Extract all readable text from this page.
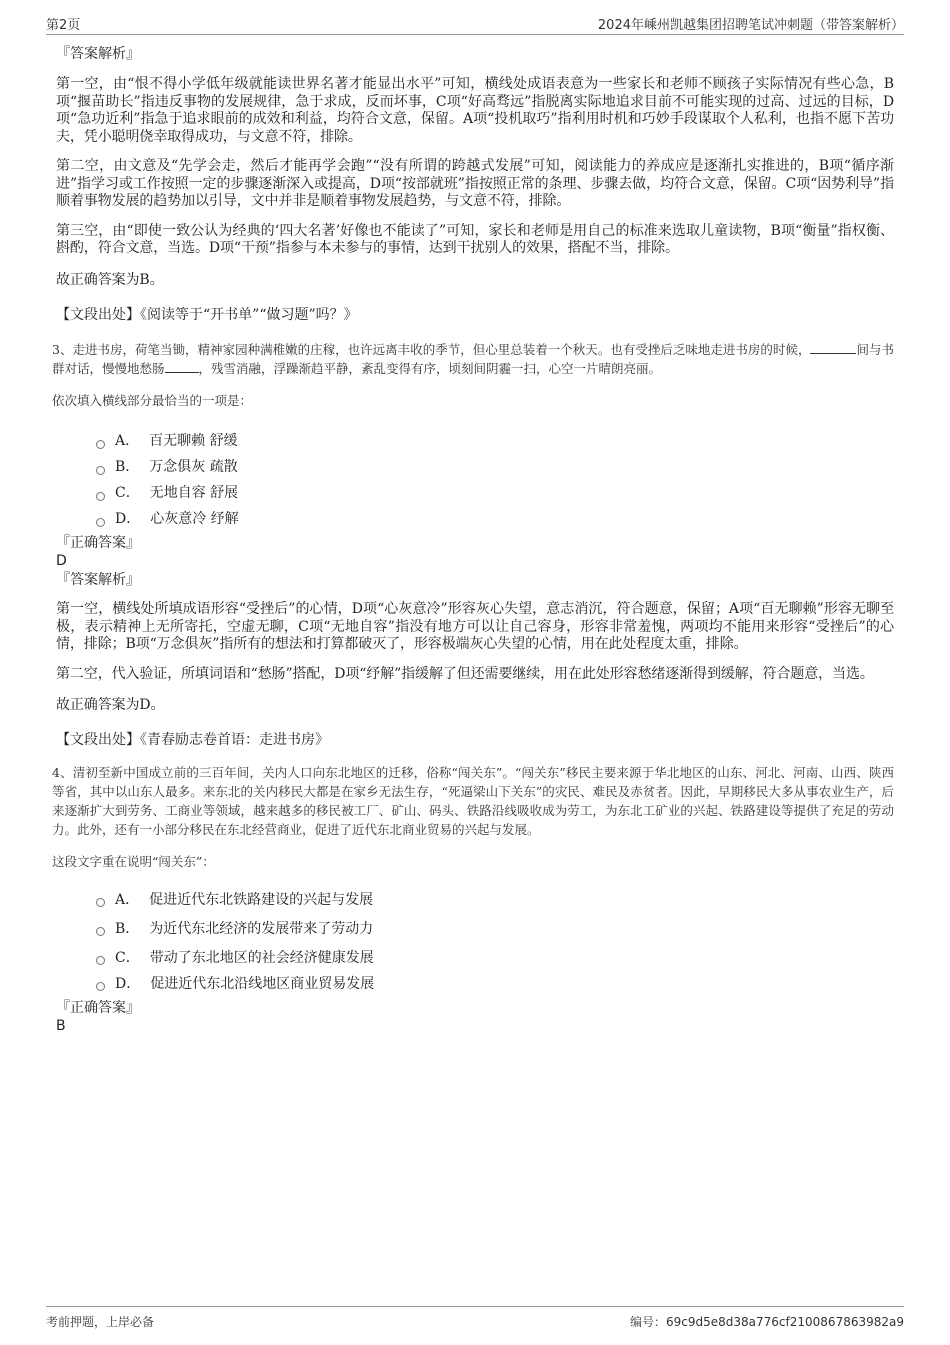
第2页	2024年嵊州凯越集团招聘笔试冲刺题（带答案解析）

『答案解析』

第一空，由“恨不得小学低年级就能读世界名著才能显出水平”可知，横线处成语表意为一些家长和老师不顾孩子实际情况有些心急，B项“揠苗助长”指违反事物的发展规律，急于求成，反而坏事，C项“好高骛远”指脱离实际地追求目前不可能实现的过高、过远的目标，D项“急功近利”指急于追求眼前的成效和利益，均符合文意，保留。A项“投机取巧”指利用时机和巧妙手段谋取个人私利，也指不愿下苦功夫，凭小聪明侥幸取得成功，与文意不符，排除。

第二空，由文意及“先学会走，然后才能再学会跑”“没有所谓的跨越式发展”可知，阅读能力的养成应是逐渐扎实推进的，B项“循序渐进”指学习或工作按照一定的步骤逐渐深入或提高，D项“按部就班”指按照正常的条理、步骤去做，均符合文意，保留。C项“因势利导”指顺着事物发展的趋势加以引导，文中并非是顺着事物发展趋势，与文意不符，排除。

第三空，由“即使一致公认为经典的‘四大名著’好像也不能读了”可知，家长和老师是用自己的标准来选取儿童读物，B项“衡量”指权衡、斟酌，符合文意，当选。D项“干预”指参与本未参与的事情，达到干扰别人的效果，搭配不当，排除。

故正确答案为B。

【文段出处】《阅读等于“开书单”“做习题”吗？》

3、走进书房，荷笔当锄，精神家园种满稚嫩的庄稼，也许远离丰收的季节，但心里总装着一个秋天。也有受挫后乏味地走进书房的时候，	间与书群对话，慢慢地愁肠	，残雪消融，浮躁渐趋平静，紊乱变得有序，顷刻间阴霾一扫，心空一片晴朗亮丽。

依次填入横线部分最恰当的一项是：

A． 百无聊赖 舒缓
B． 万念俱灰 疏散
C． 无地自容 舒展
D． 心灰意冷 纾解

『正确答案』

D

『答案解析』

第一空，横线处所填成语形容“受挫后”的心情，D项“心灰意冷”形容灰心失望，意志消沉，符合题意，保留；A项“百无聊赖”形容无聊至极，表示精神上无所寄托，空虚无聊，C项“无地自容”指没有地方可以让自己容身，形容非常羞愧，两项均不能用来形容“受挫后”的心情，排除；B项“万念俱灰”指所有的想法和打算都破灭了，形容极端灰心失望的心情，用在此处程度太重，排除。

第二空，代入验证，所填词语和“愁肠”搭配，D项“纾解”指缓解了但还需要继续，用在此处形容愁绪逐渐得到缓解，符合题意，当选。

故正确答案为D。

【文段出处】《青春励志卷首语：走进书房》

4、清初至新中国成立前的三百年间，关内人口向东北地区的迁移，俗称“闯关东”。“闯关东”移民主要来源于华北地区的山东、河北、河南、山西、陕西等省，其中以山东人最多。来东北的关内移民大都是在家乡无法生存，“死逼梁山下关东”的灾民、难民及赤贫者。因此，早期移民大多从事农业生产，后来逐渐扩大到劳务、工商业等领域，越来越多的移民被工厂、矿山、码头、铁路沿线吸收成为劳工，为东北工矿业的兴起、铁路建设等提供了充足的劳动力。此外，还有一小部分移民在东北经营商业，促进了近代东北商业贸易的兴起与发展。

这段文字重在说明“闯关东”：

A． 促进近代东北铁路建设的兴起与发展
B． 为近代东北经济的发展带来了劳动力
C． 带动了东北地区的社会经济健康发展
D． 促进近代东北沿线地区商业贸易发展

『正确答案』

B

考前押题，上岸必备	编号：69c9d5e8d38a776cf2100867863982a9
